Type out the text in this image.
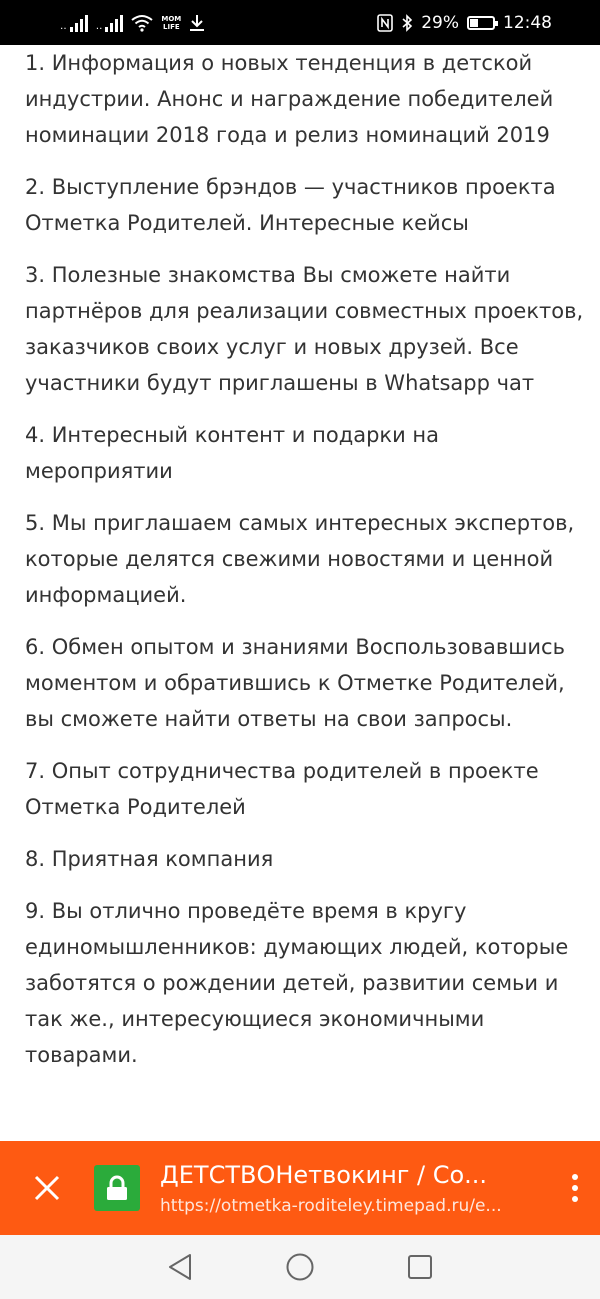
‥	‥
MOM
LIFE	29%	12:48

1. Информация о новых тенденция в детской индустрии. Анонс и награждение победителей номинации 2018 года и релиз номинаций 2019

2. Выступление брэндов — участников проекта Отметка Родителей. Интересные кейсы

3. Полезные знакомства Вы сможете найти партнёров для реализации совместных проектов, заказчиков своих услуг и новых друзей. Все участники будут приглашены в Whatsapp чат

4. Интересный контент и подарки на мероприятии

5. Мы приглашаем самых интересных экспертов, которые делятся свежими новостями и ценной информацией.

6. Обмен опытом и знаниями Воспользовавшись моментом и обратившись к Отметке Родителей, вы сможете найти ответы на свои запросы.

7. Опыт сотрудничества родителей в проекте Отметка Родителей

8. Приятная компания

9. Вы отлично проведёте время в кругу единомышленников: думающих людей, которые заботятся о рождении детей, развитии семьи и так же., интересующиеся экономичными товарами.

ДЕТСТВОНетвокинг / Со...
https://otmetka-roditeley.timepad.ru/e...
